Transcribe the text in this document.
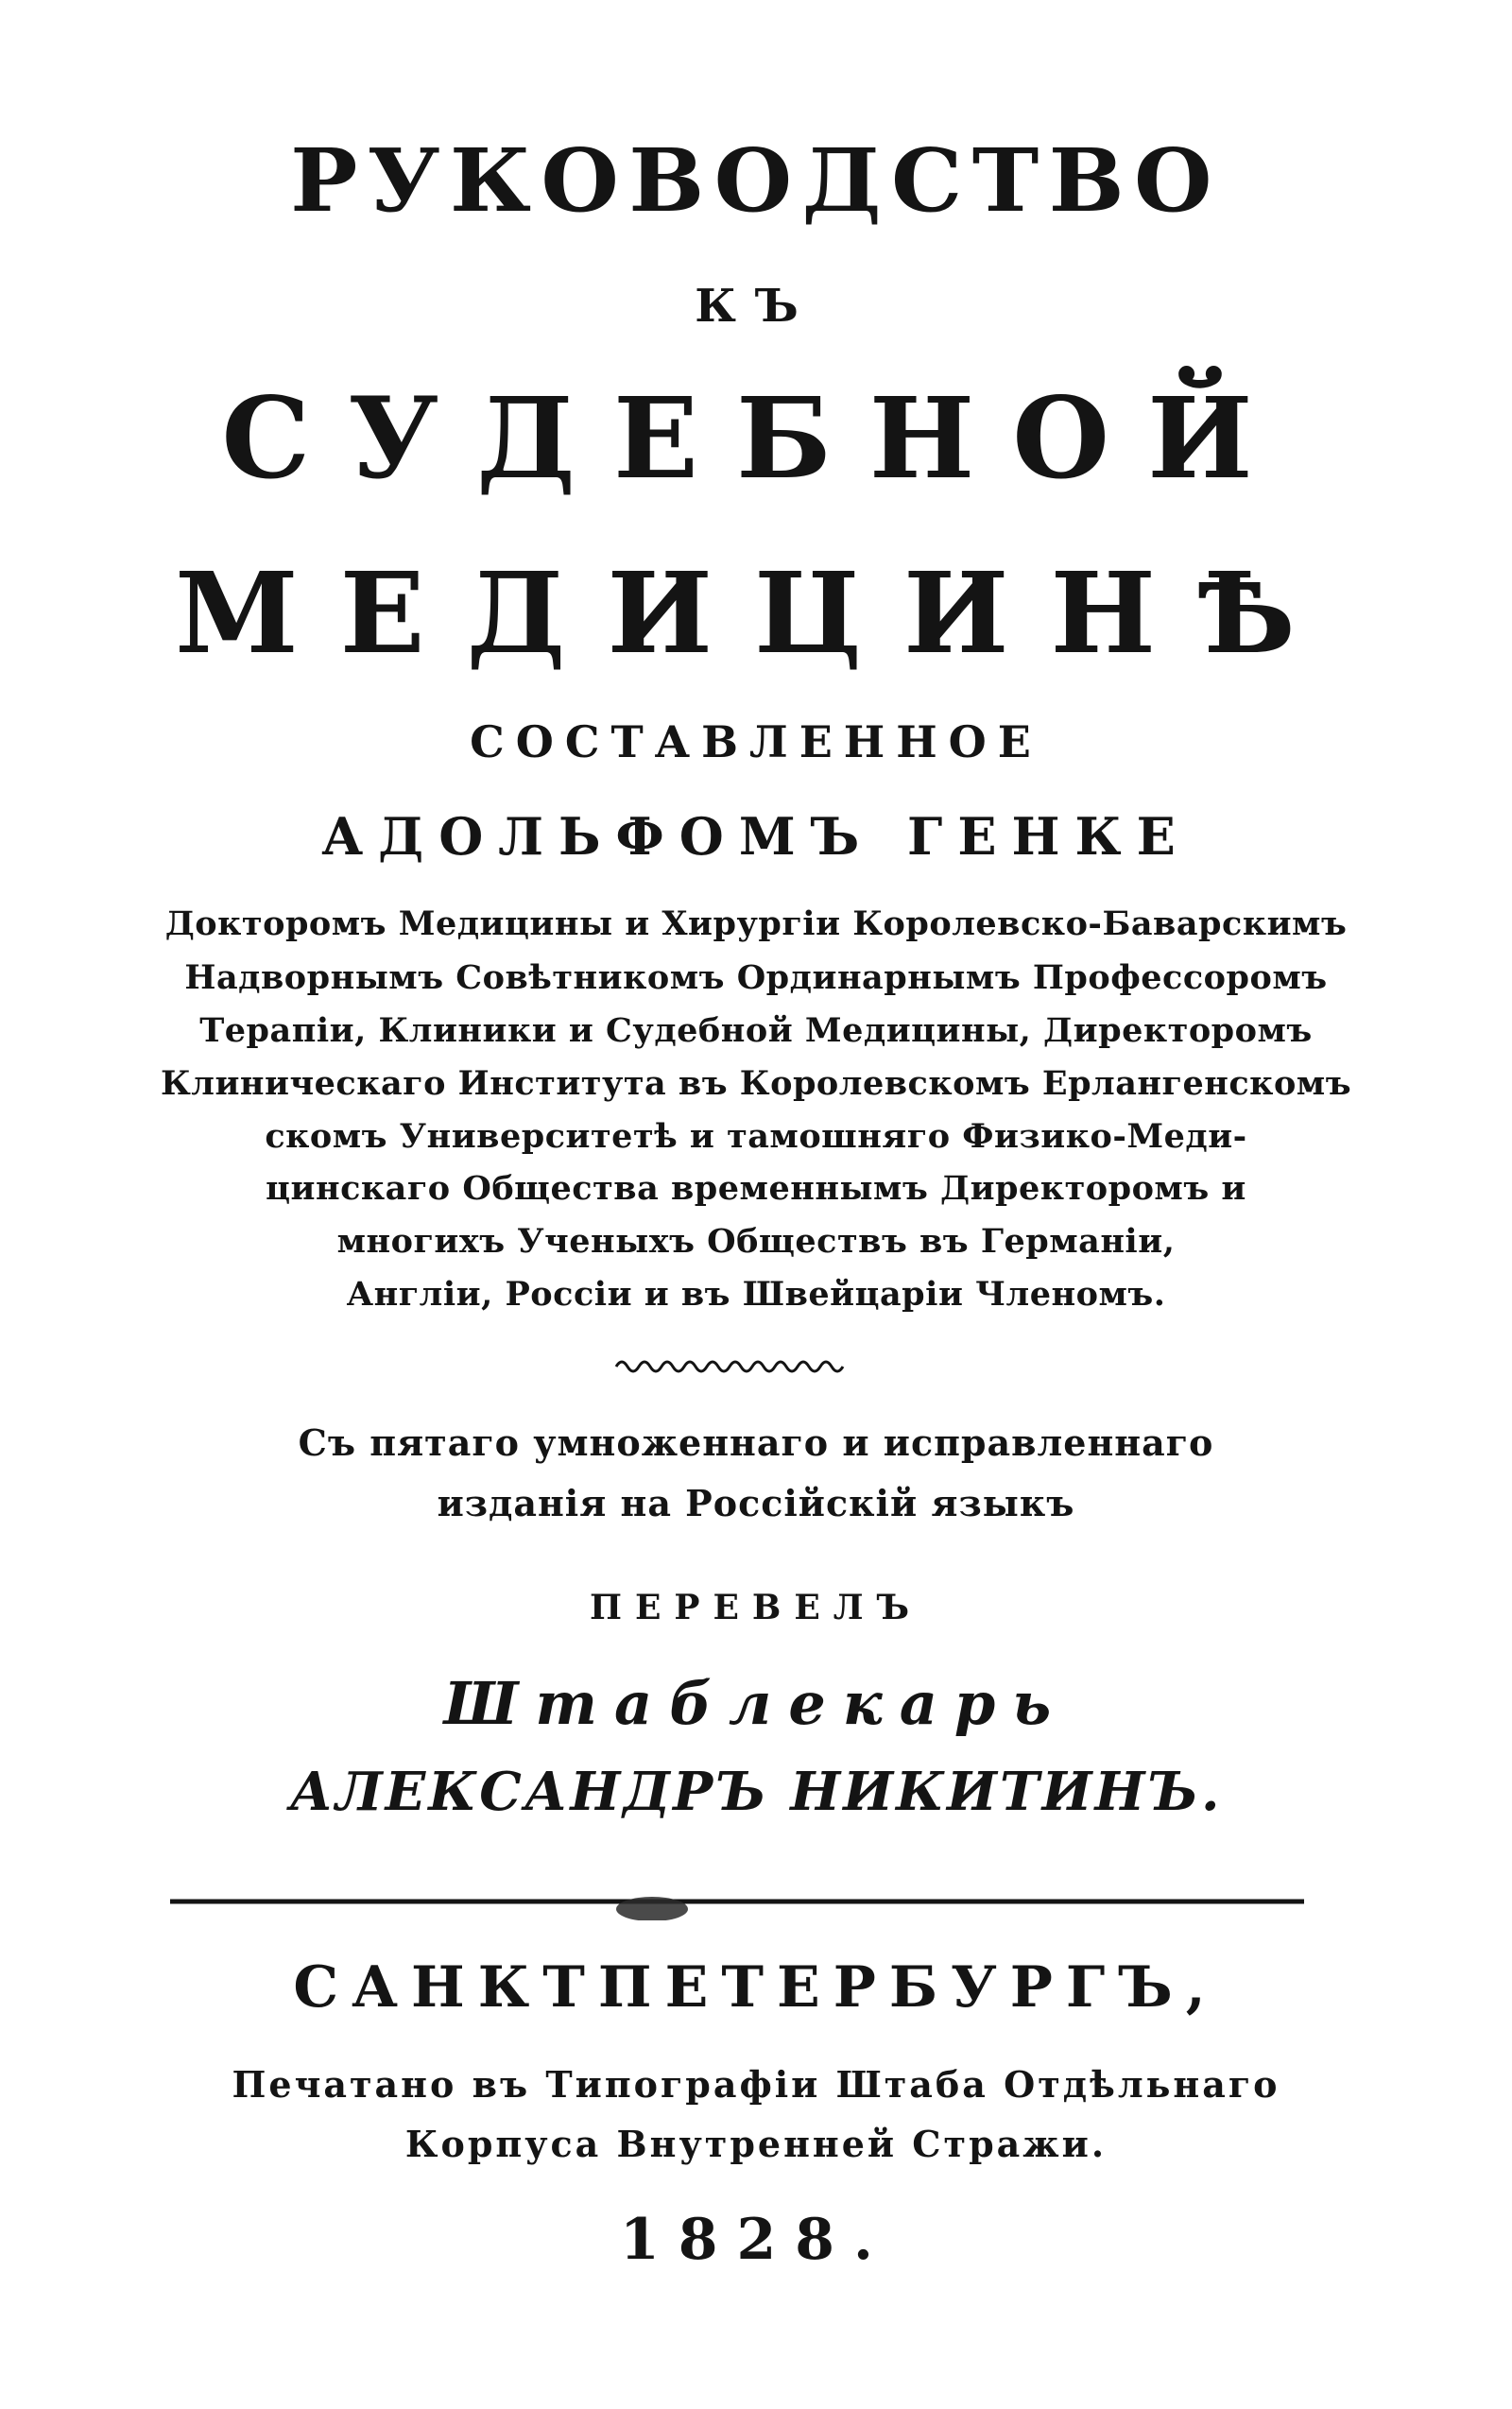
РУКОВОДСТВО
КЪ
СУДЕБНОЙ
МЕДИЦИНѢ
СОСТАВЛЕННОЕ
АДОЛЬФОМЪ ГЕНКЕ
Докторомъ Медицины и Хирургіи Королевско-Баварскимъ
Надворнымъ Совѣтникомъ Ординарнымъ Профессоромъ
Терапіи, Клиники и Судебной Медицины, Директоромъ
Клиническаго Института въ Королевскомъ Ерлангенскомъ
скомъ Университетѣ и тамошняго Физико-Меди-
цинскаго Общества временнымъ Директоромъ и
многихъ Ученыхъ Обществъ въ Германіи,
Англіи, Россіи и въ Швейцаріи Членомъ.
Съ пятаго умноженнаго и исправленнаго
изданія на Россійскій языкъ
ПЕРЕВЕЛЪ
Штаблекарь
АЛЕКСАНДРЪ НИКИТИНЪ.
САНКТПЕТЕРБУРГЪ,
Печатано въ Типографіи Штаба Отдѣльнаго
Корпуса Внутренней Стражи.
1828.
